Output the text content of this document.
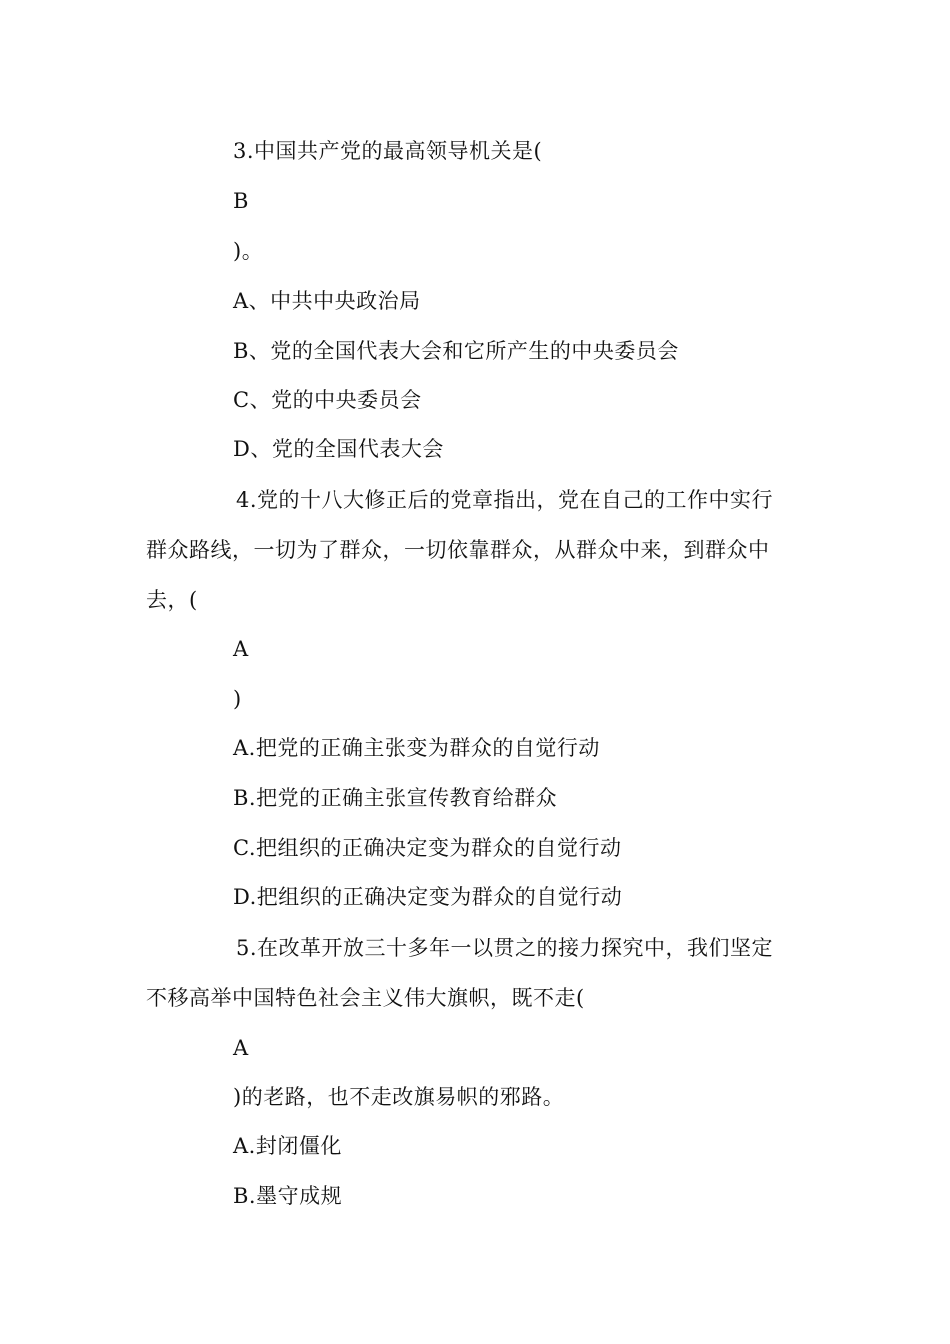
3.中国共产党的最高领导机关是(
B
)。
A、中共中央政治局
B、党的全国代表大会和它所产生的中央委员会
C、党的中央委员会
D、党的全国代表大会
4.党的十八大修正后的党章指出，党在自己的工作中实行
群众路线，一切为了群众，一切依靠群众，从群众中来，到群众中
去，(
A
)
A.把党的正确主张变为群众的自觉行动
B.把党的正确主张宣传教育给群众
C.把组织的正确决定变为群众的自觉行动
D.把组织的正确决定变为群众的自觉行动
5.在改革开放三十多年一以贯之的接力探究中，我们坚定
不移高举中国特色社会主义伟大旗帜，既不走(
A
)的老路，也不走改旗易帜的邪路。
A.封闭僵化
B.墨守成规
